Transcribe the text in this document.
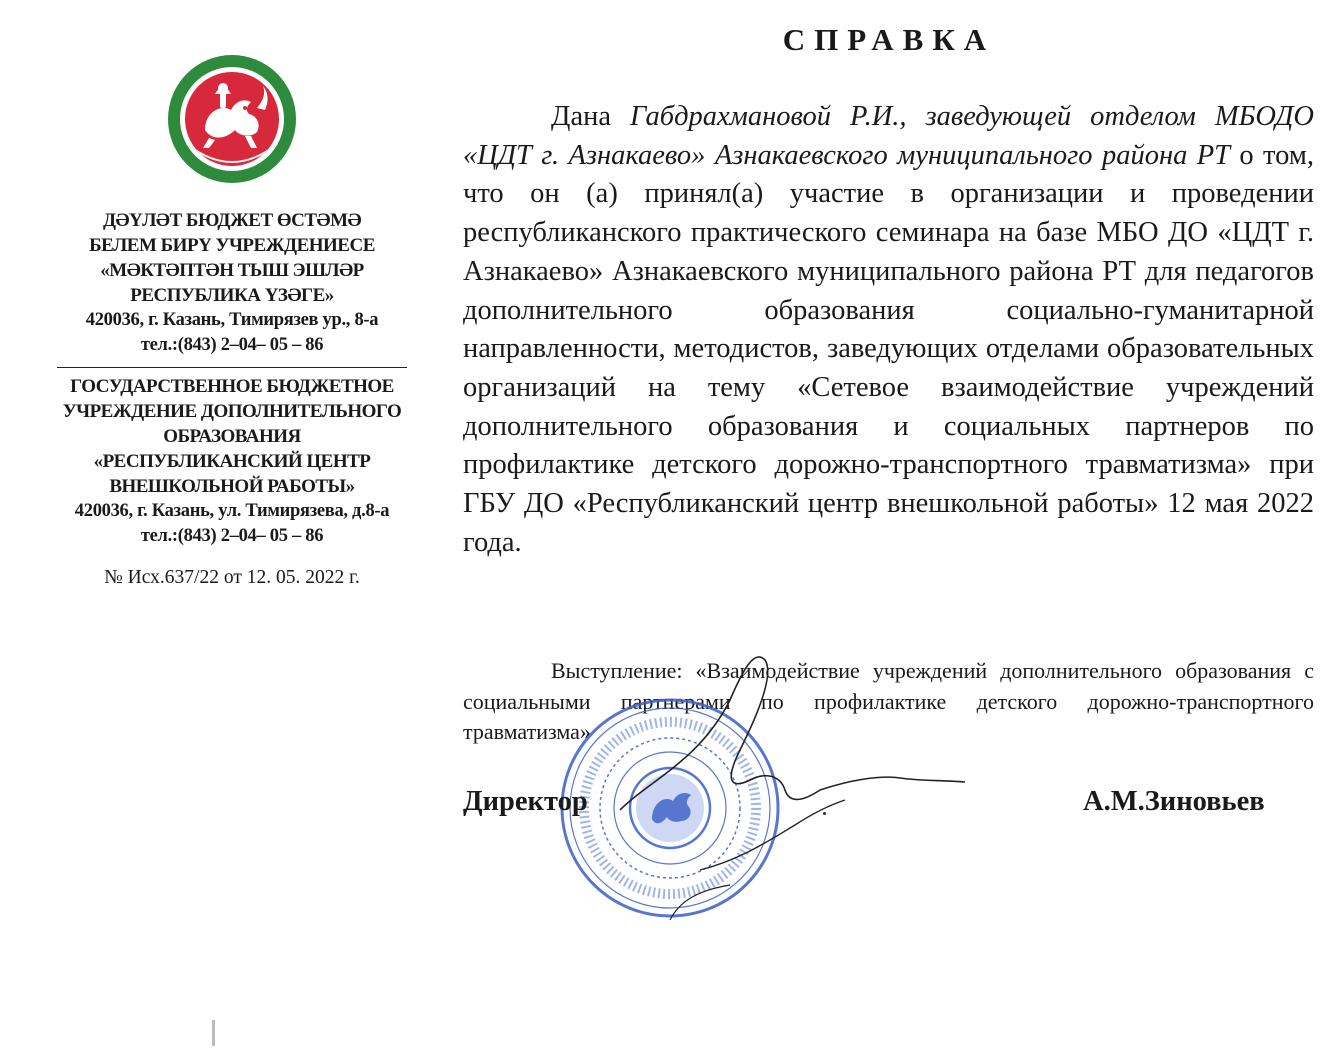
ДӘҮЛӘТ БЮДЖЕТ ӨСТӘМӘ
БЕЛЕМ БИРҮ УЧРЕЖДЕНИЕСЕ
«МӘКТӘПТӘН ТЫШ ЭШЛӘР
РЕСПУБЛИКА ҮЗӘГЕ»
420036, г. Казань, Тимирязев ур., 8-а
тел.:(843) 2–04– 05 – 86
ГОСУДАРСТВЕННОЕ БЮДЖЕТНОЕ
УЧРЕЖДЕНИЕ ДОПОЛНИТЕЛЬНОГО
ОБРАЗОВАНИЯ
«РЕСПУБЛИКАНСКИЙ ЦЕНТР
ВНЕШКОЛЬНОЙ РАБОТЫ»
420036, г. Казань, ул. Тимирязева, д.8-а
тел.:(843) 2–04– 05 – 86
№ Исх.637/22 от 12. 05. 2022 г.
СПРАВКА

Дана Габдрахмановой Р.И., заведующей отделом МБОДО «ЦДТ г. Азнакаево» Азнакаевского муниципального района РТ о том, что он (а) принял(а) участие в организации и проведении республиканского практического семинара на базе МБО ДО «ЦДТ г. Азнакаево» Азнакаевского муниципального района РТ для педагогов дополнительного образования социально-гуманитарной направленности, методистов, заведующих отделами образовательных организаций на тему «Сетевое взаимодействие учреждений дополнительного образования и социальных партнеров по профилактике детского дорожно-транспортного травматизма» при ГБУ ДО «Республиканский центр внешкольной работы» 12 мая 2022 года.

Выступление: «Взаимодействие учреждений дополнительного образования с социальными партнерами по профилактике детского дорожно-транспортного травматизма»

Директор	А.М.Зиновьев
